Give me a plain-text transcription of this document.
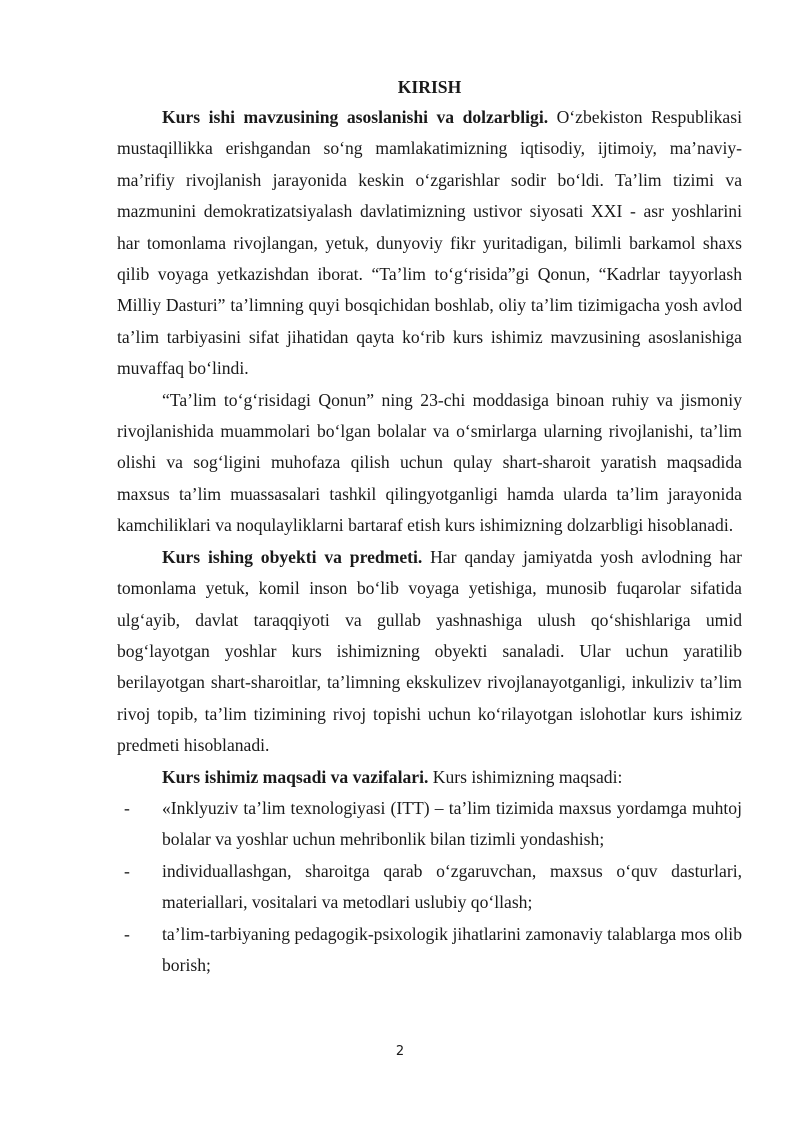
KIRISH

Kurs ishi mavzusining asoslanishi va dolzarbligi. O‘zbekiston Respublikasi mustaqillikka erishgandan so‘ng mamlakatimizning iqtisodiy, ijtimoiy, ma’naviy-ma’rifiy rivojlanish jarayonida keskin o‘zgarishlar sodir bo‘ldi. Ta’lim tizimi va mazmunini demokratizatsiyalash davlatimizning ustivor siyosati XXI - asr yoshlarini har tomonlama rivojlangan, yetuk, dunyoviy fikr yuritadigan, bilimli barkamol shaxs qilib voyaga yetkazishdan iborat. “Ta’lim to‘g‘risida”gi Qonun, “Kadrlar tayyorlash Milliy Dasturi” ta’limning quyi bosqichidan boshlab, oliy ta’lim tizimigacha yosh avlod ta’lim tarbiyasini sifat jihatidan qayta ko‘rib kurs ishimiz mavzusining asoslanishiga muvaffaq bo‘lindi.

“Ta’lim to‘g‘risidagi Qonun” ning 23-chi moddasiga binoan ruhiy va jismoniy rivojlanishida muammolari bo‘lgan bolalar va o‘smirlarga ularning rivojlanishi, ta’lim olishi va sog‘ligini muhofaza qilish uchun qulay shart-sharoit yaratish maqsadida maxsus ta’lim muassasalari tashkil qilingyotganligi hamda ularda ta’lim jarayonida kamchiliklari va noqulayliklarni bartaraf etish kurs ishimizning dolzarbligi hisoblanadi.

Kurs ishing obyekti va predmeti. Har qanday jamiyatda yosh avlodning har tomonlama yetuk, komil inson bo‘lib voyaga yetishiga, munosib fuqarolar sifatida ulg‘ayib, davlat taraqqiyoti va gullab yashnashiga ulush qo‘shishlariga umid bog‘layotgan yoshlar kurs ishimizning obyekti sanaladi. Ular uchun yaratilib berilayotgan shart-sharoitlar, ta’limning ekskulizev rivojlanayotganligi, inkuliziv ta’lim rivoj topib, ta’lim tizimining rivoj topishi uchun ko‘rilayotgan islohotlar kurs ishimiz predmeti hisoblanadi.

Kurs ishimiz maqsadi va vazifalari. Kurs ishimizning maqsadi:

- «Inklyuziv ta’lim texnologiyasi (ITT) – ta’lim tizimida maxsus yordamga muhtoj bolalar va yoshlar uchun mehribonlik bilan tizimli yondashish;
- individuallashgan, sharoitga qarab o‘zgaruvchan, maxsus o‘quv dasturlari, materiallari, vositalari va metodlari uslubiy qo‘llash;
- ta’lim-tarbiyaning pedagogik-psixologik jihatlarini zamonaviy talablarga mos olib borish;
2
